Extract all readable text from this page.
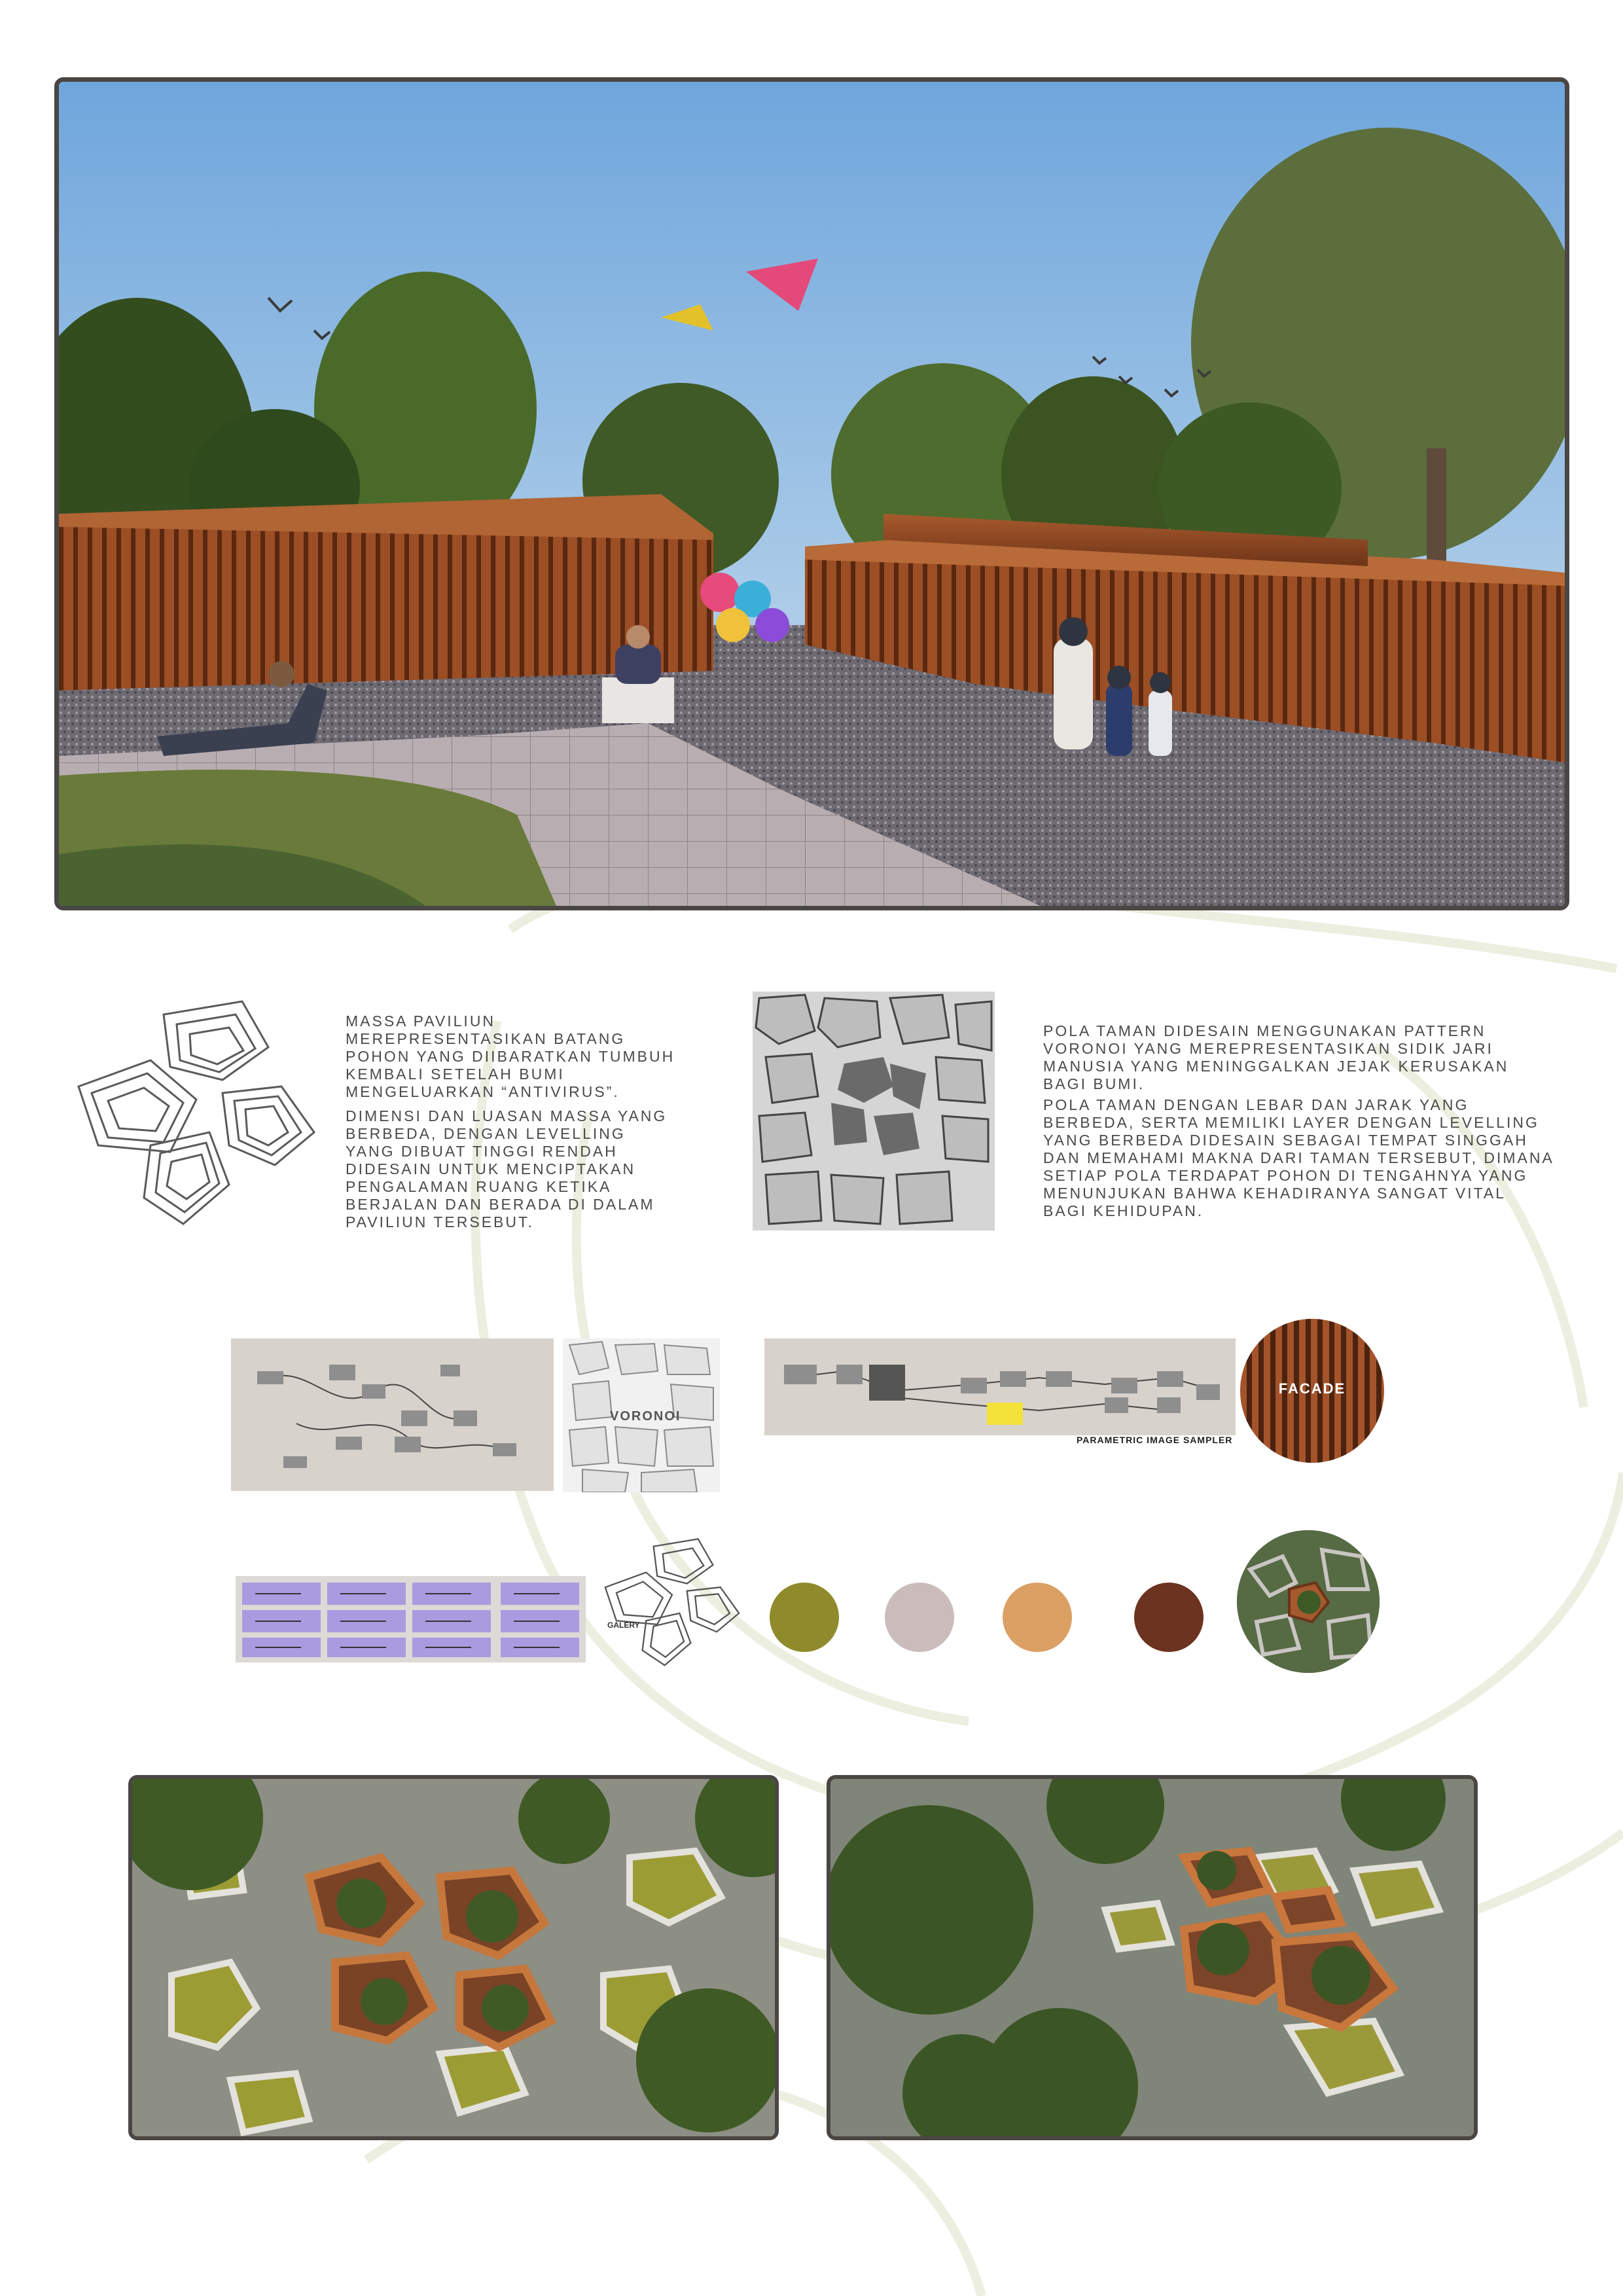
MASSA PAVILIUN MEREPRESENTASIKAN BATANG POHON YANG DIIBARATKAN TUMBUH KEMBALI SETELAH BUMI MENGELUARKAN “ANTIVIRUS”.
DIMENSI DAN LUASAN MASSA YANG BERBEDA, DENGAN LEVELLING YANG DIBUAT TINGGI RENDAH DIDESAIN UNTUK MENCIPTAKAN PENGALAMAN RUANG KETIKA BERJALAN DAN BERADA DI DALAM PAVILIUN TERSEBUT.
POLA TAMAN DIDESAIN MENGGUNAKAN PATTERN VORONOI YANG MEREPRESENTASIKAN SIDIK JARI MANUSIA YANG MENINGGALKAN JEJAK KERUSAKAN BAGI BUMI.
POLA TAMAN DENGAN LEBAR DAN JARAK YANG BERBEDA, SERTA MEMILIKI LAYER DENGAN LEVELLING YANG BERBEDA DIDESAIN SEBAGAI TEMPAT SINGGAH DAN MEMAHAMI MAKNA DARI TAMAN TERSEBUT, DIMANA SETIAP POLA TERDAPAT POHON DI TENGAHNYA YANG MENUNJUKAN BAHWA KEHADIRANYA SANGAT VITAL BAGI KEHIDUPAN.
VORONOI
PARAMETRIC IMAGE SAMPLER
FACADE
GALERY
